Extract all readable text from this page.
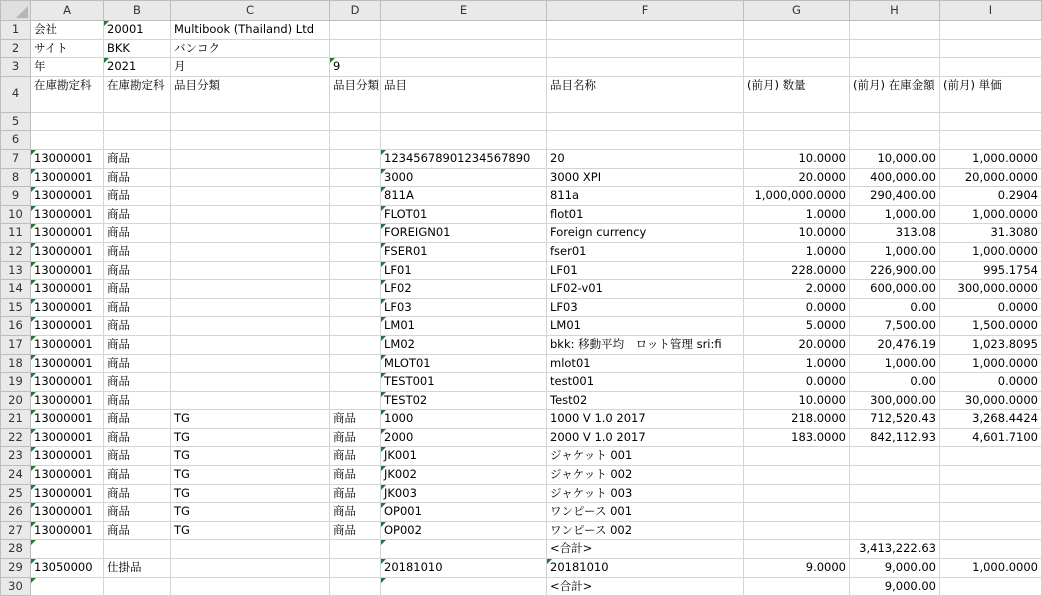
	A	B	C	D	E	F	G	H	I
1	会社	20001	Multibook (Thailand) Ltd						
2	サイト	BKK	バンコク						
3	年	2021	月	9					
4	在庫勘定科	在庫勘定科	品目分類	品目分類	品目	品目名称	(前月) 数量	(前月) 在庫金額	(前月) 単価
5									
6									
7	13000001	商品			12345678901234567890	20	10.0000	10,000.00	1,000.0000
8	13000001	商品			3000	3000 XPI	20.0000	400,000.00	20,000.0000
9	13000001	商品			811A	811a	1,000,000.0000	290,400.00	0.2904
10	13000001	商品			FLOT01	flot01	1.0000	1,000.00	1,000.0000
11	13000001	商品			FOREIGN01	Foreign currency	10.0000	313.08	31.3080
12	13000001	商品			FSER01	fser01	1.0000	1,000.00	1,000.0000
13	13000001	商品			LF01	LF01	228.0000	226,900.00	995.1754
14	13000001	商品			LF02	LF02-v01	2.0000	600,000.00	300,000.0000
15	13000001	商品			LF03	LF03	0.0000	0.00	0.0000
16	13000001	商品			LM01	LM01	5.0000	7,500.00	1,500.0000
17	13000001	商品			LM02	bkk: 移動平均　ロット管理 sri:fi	20.0000	20,476.19	1,023.8095
18	13000001	商品			MLOT01	mlot01	1.0000	1,000.00	1,000.0000
19	13000001	商品			TEST001	test001	0.0000	0.00	0.0000
20	13000001	商品			TEST02	Test02	10.0000	300,000.00	30,000.0000
21	13000001	商品	TG	商品	1000	1000 V 1.0 2017	218.0000	712,520.43	3,268.4424
22	13000001	商品	TG	商品	2000	2000 V 1.0 2017	183.0000	842,112.93	4,601.7100
23	13000001	商品	TG	商品	JK001	ジャケット 001			
24	13000001	商品	TG	商品	JK002	ジャケット 002			
25	13000001	商品	TG	商品	JK003	ジャケット 003			
26	13000001	商品	TG	商品	OP001	ワンピース 001			
27	13000001	商品	TG	商品	OP002	ワンピース 002			
28						<合計>		3,413,222.63	
29	13050000	仕掛品			20181010	20181010	9.0000	9,000.00	1,000.0000
30						<合計>		9,000.00	
